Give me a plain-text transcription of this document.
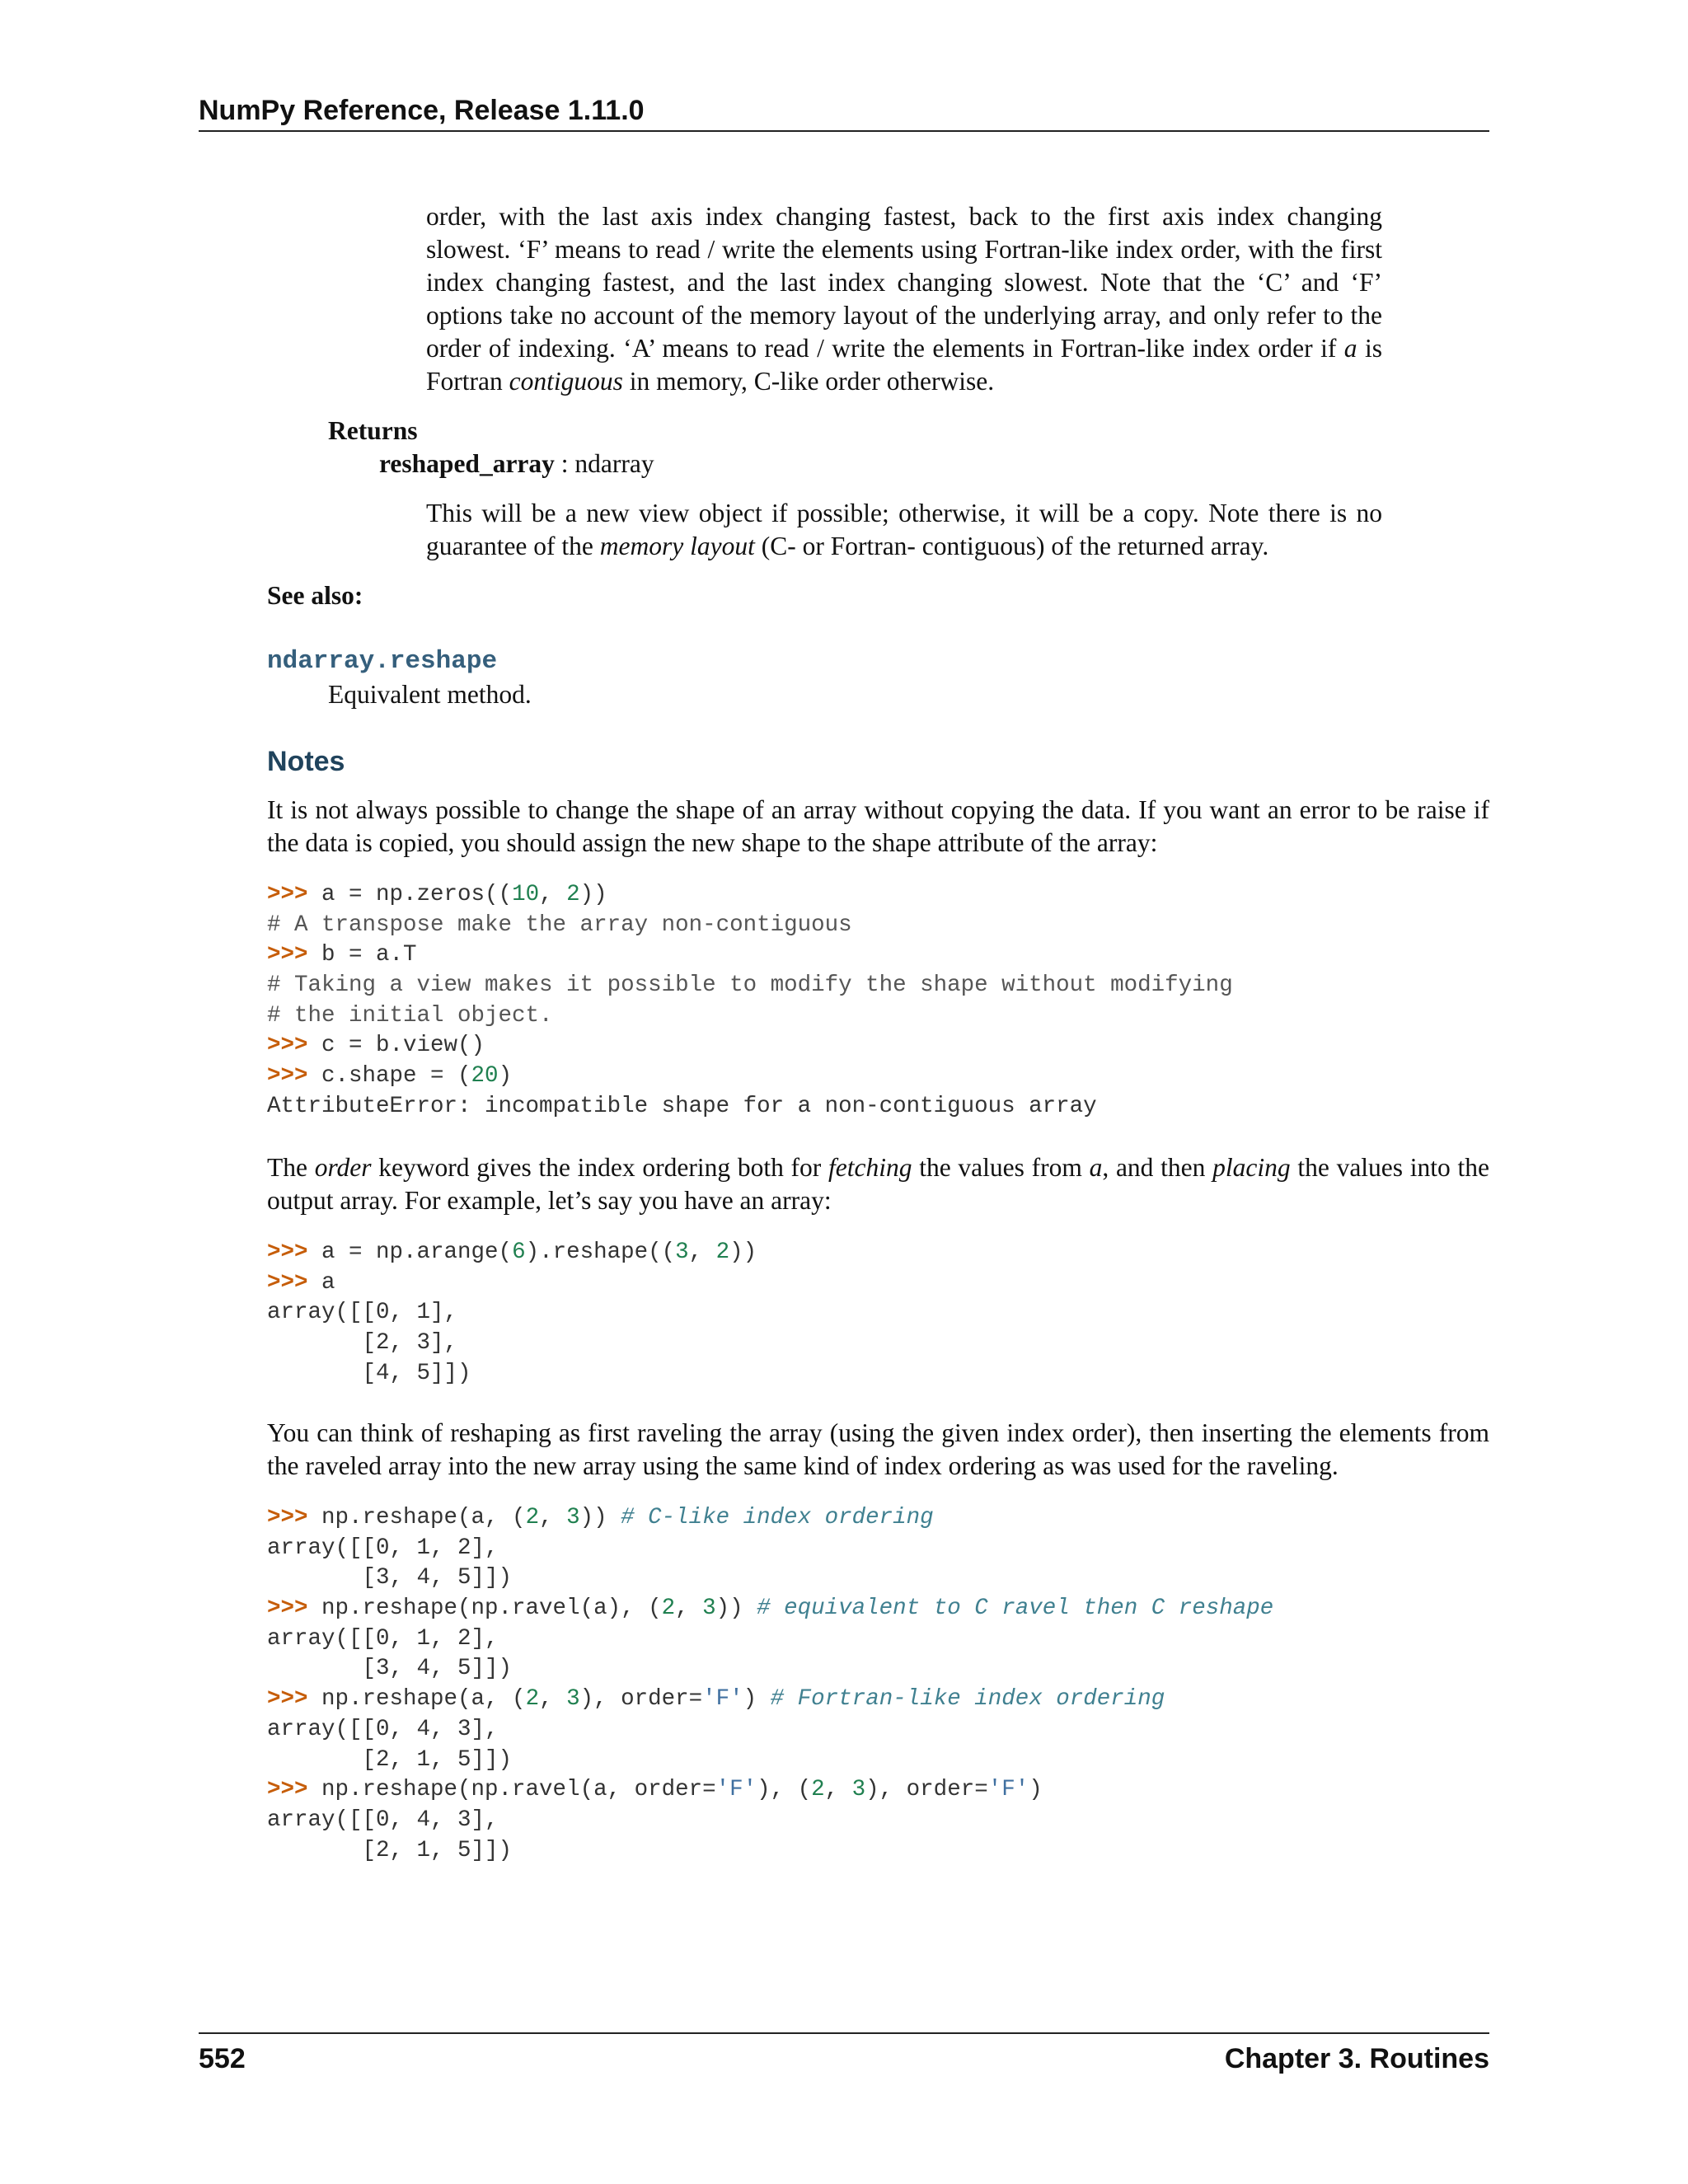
NumPy Reference, Release 1.11.0

order, with the last axis index changing fastest, back to the first axis index changing slowest. ‘F’ means to read / write the elements using Fortran-like index order, with the first index changing fastest, and the last index changing slowest. Note that the ‘C’ and ‘F’ options take no account of the memory layout of the underlying array, and only refer to the order of indexing. ‘A’ means to read / write the elements in Fortran-like index order if a is Fortran contiguous in memory, C-like order otherwise.

Returns
reshaped_array : ndarray

This will be a new view object if possible; otherwise, it will be a copy. Note there is no guarantee of the memory layout (C- or Fortran- contiguous) of the returned array.

See also:
ndarray.reshape
Equivalent method.
Notes

It is not always possible to change the shape of an array without copying the data. If you want an error to be raise if the data is copied, you should assign the new shape to the shape attribute of the array:

>>> a = np.zeros((10, 2))
# A transpose make the array non-contiguous
>>> b = a.T
# Taking a view makes it possible to modify the shape without modifying
# the initial object.
>>> c = b.view()
>>> c.shape = (20)
AttributeError: incompatible shape for a non-contiguous array

The order keyword gives the index ordering both for fetching the values from a, and then placing the values into the output array. For example, let’s say you have an array:

>>> a = np.arange(6).reshape((3, 2))
>>> a
array([[0, 1],
[2, 3],
[4, 5]])

You can think of reshaping as first raveling the array (using the given index order), then inserting the elements from the raveled array into the new array using the same kind of index ordering as was used for the raveling.

>>> np.reshape(a, (2, 3)) # C-like index ordering
array([[0, 1, 2],
[3, 4, 5]])
>>> np.reshape(np.ravel(a), (2, 3)) # equivalent to C ravel then C reshape
array([[0, 1, 2],
[3, 4, 5]])
>>> np.reshape(a, (2, 3), order='F') # Fortran-like index ordering
array([[0, 4, 3],
[2, 1, 5]])
>>> np.reshape(np.ravel(a, order='F'), (2, 3), order='F')
array([[0, 4, 3],
[2, 1, 5]])
552	Chapter 3. Routines
